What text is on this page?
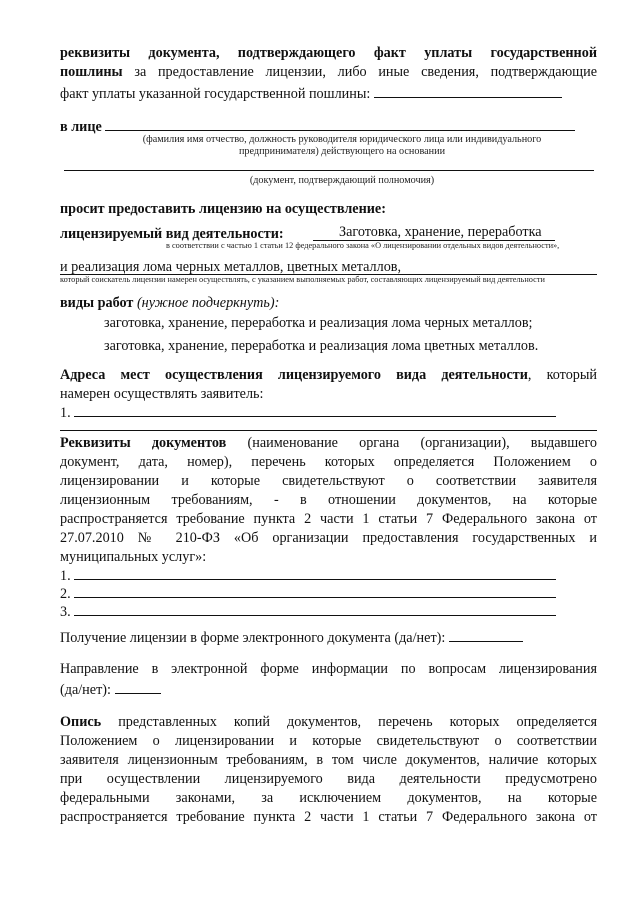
реквизиты документа, подтверждающего факт уплаты государственной
пошлины за предоставление лицензии, либо иные сведения, подтверждающие
факт уплаты указанной государственной пошлины:
в лице
(фамилия имя отчество, должность руководителя юридического лица или индивидуального
предпринимателя) действующего на основании
(документ, подтверждающий полномочия)
просит предоставить лицензию на осуществление:
лицензируемый вид деятельности:	Заготовка, хранение, переработка
в соответствии с частью 1 статьи 12 федерального закона «О лицензировании отдельных видов деятельности»,
и реализация лома черных металлов, цветных металлов,
который соискатель лицензии намерен осуществлять, с указанием выполняемых работ, составляющих лицензируемый вид деятельности
виды работ (нужное подчеркнуть):
заготовка, хранение, переработка и реализация лома черных металлов;
заготовка, хранение, переработка и реализация лома цветных металлов.
Адреса мест осуществления лицензируемого вида деятельности, который
намерен осуществлять заявитель:
1.
Реквизиты документов (наименование органа (организации), выдавшего
документ, дата, номер), перечень которых определяется Положением о
лицензировании и которые свидетельствуют о соответствии заявителя
лицензионным требованиям, - в отношении документов, на которые
распространяется требование пункта 2 части 1 статьи 7 Федерального закона от
27.07.2010 № 210-ФЗ «Об организации предоставления государственных и
муниципальных услуг»:
1.
2.
3.
Получение лицензии в форме электронного документа (да/нет):
Направление в электронной форме информации по вопросам лицензирования
(да/нет):
Опись представленных копий документов, перечень которых определяется
Положением о лицензировании и которые свидетельствуют о соответствии
заявителя лицензионным требованиям, в том числе документов, наличие которых
при осуществлении лицензируемого вида деятельности предусмотрено
федеральными законами, за исключением документов, на которые
распространяется требование пункта 2 части 1 статьи 7 Федерального закона от
